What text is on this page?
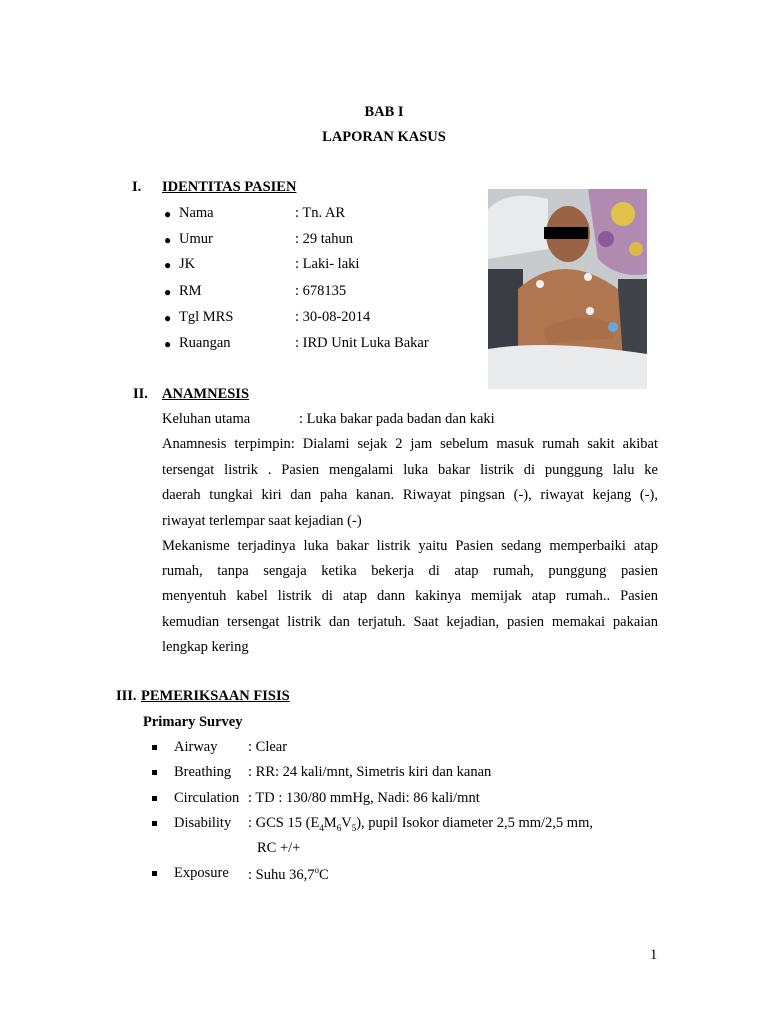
BAB I
LAPORAN KASUS
I. IDENTITAS PASIEN
● Nama	: Tn. AR
● Umur	: 29 tahun
● JK	: Laki- laki
● RM	: 678135
● Tgl MRS	: 30-08-2014
● Ruangan	: IRD Unit Luka Bakar
II. ANAMNESIS
Keluhan utama	: Luka bakar pada badan dan kaki
Anamnesis terpimpin: Dialami sejak 2 jam sebelum masuk rumah sakit akibat
tersengat listrik . Pasien mengalami luka bakar listrik di punggung lalu ke
daerah tungkai kiri dan paha kanan. Riwayat pingsan (-), riwayat kejang (-),
riwayat terlempar saat kejadian (-)
Mekanisme terjadinya luka bakar listrik yaitu Pasien sedang memperbaiki atap
rumah, tanpa sengaja ketika bekerja di atap rumah, punggung pasien
menyentuh kabel listrik di atap dann kakinya memijak atap rumah.. Pasien
kemudian tersengat listrik dan terjatuh. Saat kejadian, pasien memakai pakaian
lengkap kering
III. PEMERIKSAAN FISIS
Primary Survey
Airway : Clear
Breathing : RR: 24 kali/mnt, Simetris kiri dan kanan
Circulation : TD : 130/80 mmHg, Nadi: 86 kali/mnt
Disability : GCS 15 $(E_4M_6V_5)$, pupil Isokor diameter 2,5 mm/2,5 mm,
RC +/+
Exposure : Suhu 36,7$^o$C
1
